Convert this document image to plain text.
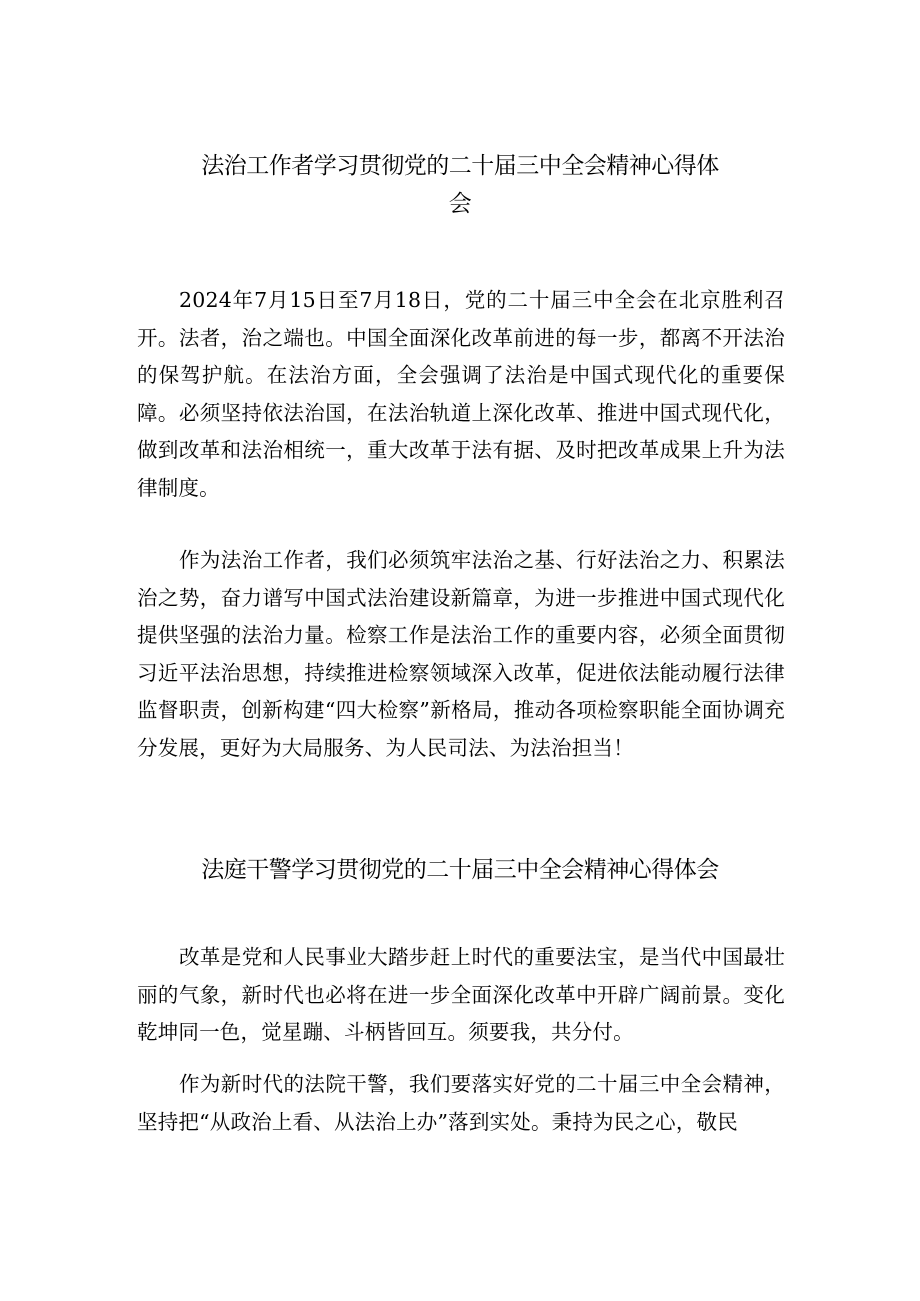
法治工作者学习贯彻党的二十届三中全会精神心得体
会

2024年7月15日至7月18日，党的二十届三中全会在北京胜利召开。法者，治之端也。中国全面深化改革前进的每一步，都离不开法治的保驾护航。在法治方面，全会强调了法治是中国式现代化的重要保障。必须坚持依法治国，在法治轨道上深化改革、推进中国式现代化，做到改革和法治相统一，重大改革于法有据、及时把改革成果上升为法律制度。

作为法治工作者，我们必须筑牢法治之基、行好法治之力、积累法治之势，奋力谱写中国式法治建设新篇章，为进一步推进中国式现代化提供坚强的法治力量。检察工作是法治工作的重要内容，必须全面贯彻习近平法治思想，持续推进检察领域深入改革，促进依法能动履行法律监督职责，创新构建“四大检察”新格局，推动各项检察职能全面协调充分发展，更好为大局服务、为人民司法、为法治担当！

法庭干警学习贯彻党的二十届三中全会精神心得体会

改革是党和人民事业大踏步赶上时代的重要法宝，是当代中国最壮丽的气象，新时代也必将在进一步全面深化改革中开辟广阔前景。变化乾坤同一色，觉星蹦、斗柄皆回互。须要我，共分付。

作为新时代的法院干警，我们要落实好党的二十届三中全会精神，坚持把“从政治上看、从法治上办”落到实处。秉持为民之心，敬民
